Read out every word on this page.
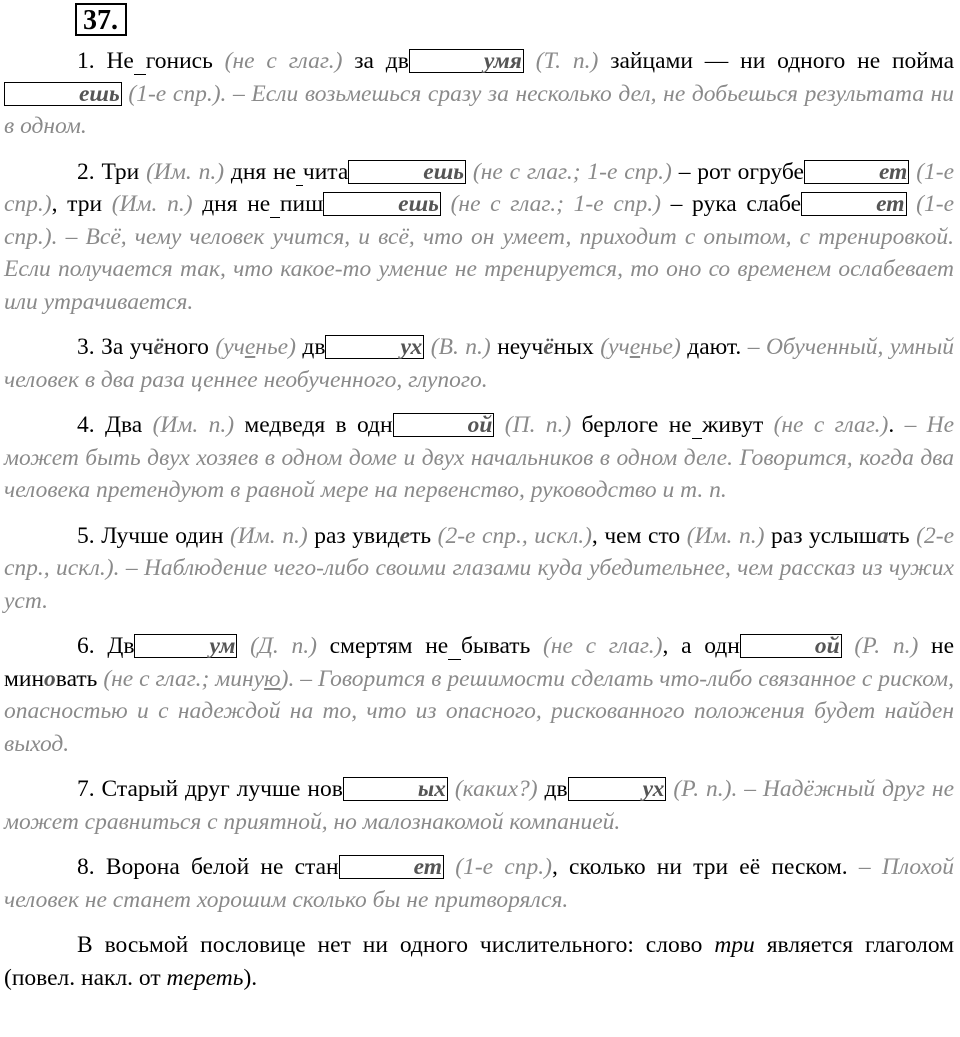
37.

1. Не гонись (не с глаг.) за дв	умя (Т. п.) зайцами — ни одного не поймаешь (1-е спр.). – Если возьмешься сразу за несколько дел, не добьешься результата ни в одном.

2. Три (Им. п.) дня не чита	ешь (не с глаг.; 1-е спр.) – рот огрубе	ет (1-е спр.), три (Им. п.) дня не пиш	ешь (не с глаг.; 1-е спр.) – рука слабе	ет (1-е спр.). – Всё, чему человек учится, и всё, что он умеет, приходит с опытом, с тренировкой. Если получается так, что какое-то умение не тренируется, то оно со временем ослабевает или утрачивается.

3. За учёного (ученье) дв	ух (В. п.) неучёных (ученье) дают. – Обученный, умный человек в два раза ценнее необученного, глупого.

4. Два (Им. п.) медведя в одн	ой (П. п.) берлоге не живут (не с глаг.). – Не может быть двух хозяев в одном доме и двух начальников в одном деле. Говорится, когда два человека претендуют в равной мере на первенство, руководство и т. п.

5. Лучше один (Им. п.) раз увидеть (2-е спр., искл.), чем сто (Им. п.) раз услышать (2-е спр., искл.). – Наблюдение чего-либо своими глазами куда убедительнее, чем рассказ из чужих уст.

6. Дв	ум (Д. п.) смертям не бывать (не с глаг.), а одн	ой (Р. п.) не миновать (не с глаг.; миную). – Говорится в решимости сделать что-либо связанное с риском, опасностью и с надеждой на то, что из опасного, рискованного положения будет найден выход.

7. Старый друг лучше нов	ых (каких?) дв	ух (Р. п.). – Надёжный друг не может сравниться с приятной, но малознакомой компанией.

8. Ворона белой не стан	ет (1-е спр.), сколько ни три её песком. – Плохой человек не станет хорошим сколько бы не притворялся.

В восьмой пословице нет ни одного числительного: слово три является глаголом (повел. накл. от тереть).
